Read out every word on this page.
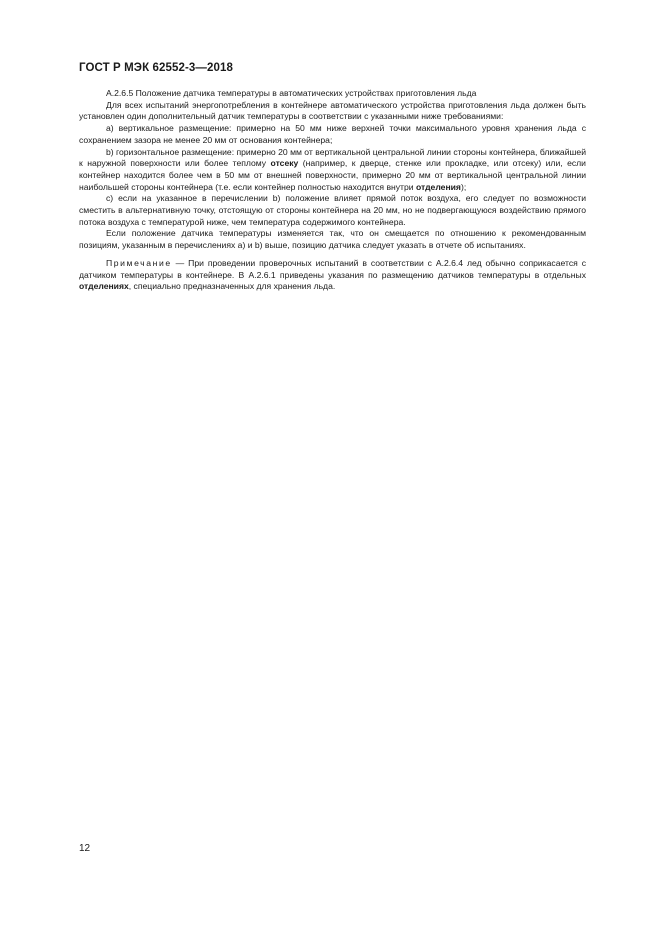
ГОСТ Р МЭК 62552-3—2018

А.2.6.5 Положение датчика температуры в автоматических устройствах приготовления льда

Для всех испытаний энергопотребления в контейнере автоматического устройства приготовления льда должен быть установлен один дополнительный датчик температуры в соответствии с указанными ниже требованиями:

a) вертикальное размещение: примерно на 50 мм ниже верхней точки максимального уровня хранения льда с сохранением зазора не менее 20 мм от основания контейнера;

b) горизонтальное размещение: примерно 20 мм от вертикальной центральной линии стороны контейнера, ближайшей к наружной поверхности или более теплому отсеку (например, к дверце, стенке или прокладке, или отсеку) или, если контейнер находится более чем в 50 мм от внешней поверхности, примерно 20 мм от вертикальной центральной линии наибольшей стороны контейнера (т.е. если контейнер полностью находится внутри отделения);

c) если на указанное в перечислении b) положение влияет прямой поток воздуха, его следует по возможности сместить в альтернативную точку, отстоящую от стороны контейнера на 20 мм, но не подвергающуюся воздействию прямого потока воздуха с температурой ниже, чем температура содержимого контейнера.

Если положение датчика температуры изменяется так, что он смещается по отношению к рекомендованным позициям, указанным в перечислениях a) и b) выше, позицию датчика следует указать в отчете об испытаниях.

Примечание — При проведении проверочных испытаний в соответствии с А.2.6.4 лед обычно соприкасается с датчиком температуры в контейнере. В А.2.6.1 приведены указания по размещению датчиков температуры в отдельных отделениях, специально предназначенных для хранения льда.

12
